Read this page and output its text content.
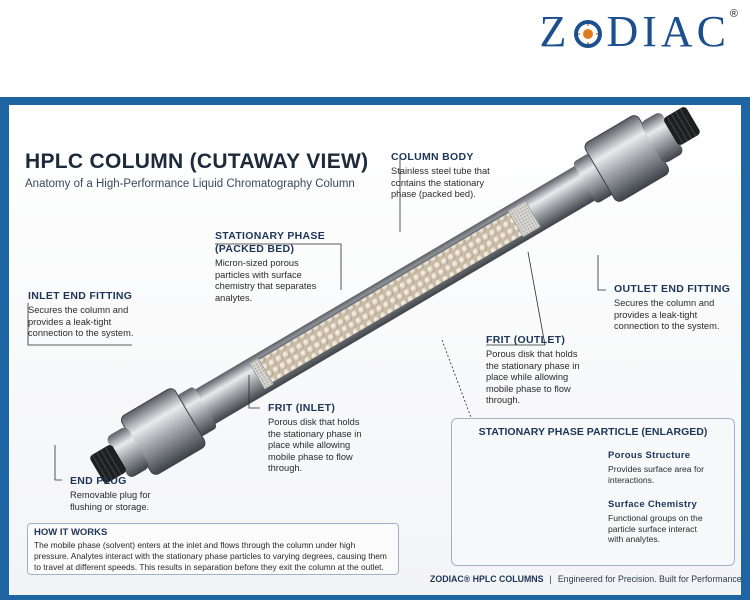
Z DIAC ®
HPLC COLUMN (CUTAWAY VIEW)
Anatomy of a High-Performance Liquid Chromatography Column
COLUMN BODY

Stainless steel tube that contains the stationary phase (packed bed).

STATIONARY PHASE
(PACKED BED)

Micron-sized porous particles with surface chemistry that separates analytes.

INLET END FITTING

Secures the column and provides a leak-tight connection to the system.

OUTLET END FITTING

Secures the column and provides a leak-tight connection to the system.

FRIT (OUTLET)

Porous disk that holds the stationary phase in place while allowing mobile phase to flow through.

FRIT (INLET)

Porous disk that holds the stationary phase in place while allowing mobile phase to flow through.

END PLUG

Removable plug for flushing or storage.

HOW IT WORKS

The mobile phase (solvent) enters at the inlet and flows through the column under high pressure. Analytes interact with the stationary phase particles to varying degrees, causing them to travel at different speeds. This results in separation before they exit the column at the outlet.

STATIONARY PHASE PARTICLE (ENLARGED)
Porous Structure

Provides surface area for interactions.

Surface Chemistry

Functional groups on the particle surface interact with analytes.

ZODIAC® HPLC COLUMNS | Engineered for Precision. Built for Performance.
